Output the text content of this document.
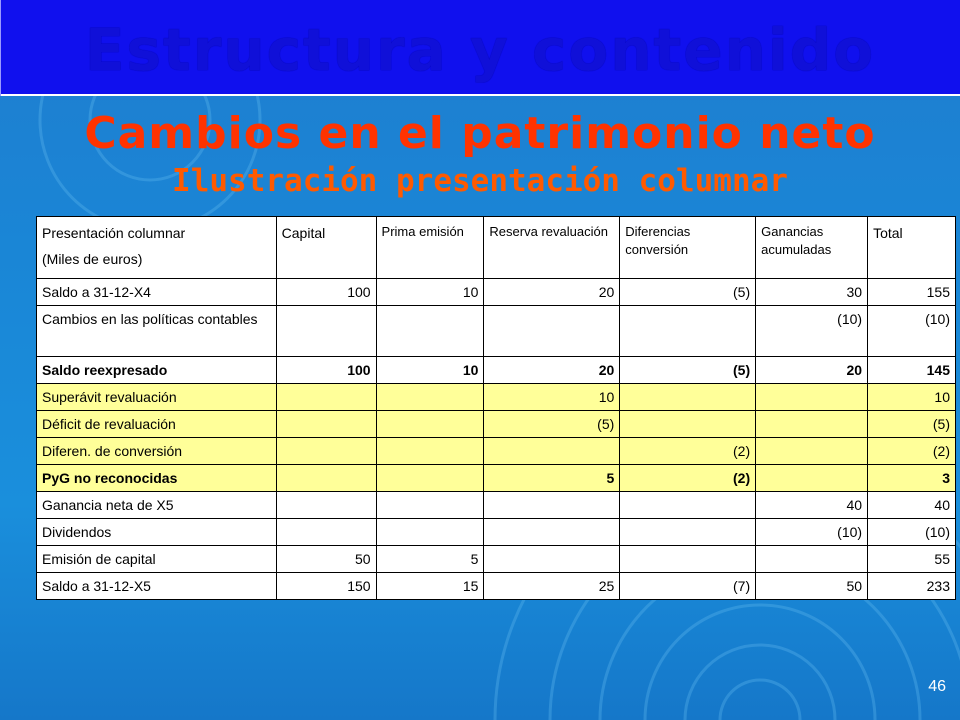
Estructura y contenido
Cambios en el patrimonio neto
Ilustración presentación columnar
Presentación columnar
(Miles de euros)	Capital	Prima emisión	Reserva revaluación	Diferencias conversión	Ganancias acumuladas	Total
Saldo a 31-12-X4	100	10	20	(5)	30	155
Cambios en las políticas contables					(10)	(10)
Saldo reexpresado	100	10	20	(5)	20	145
Superávit revaluación			10			10
Déficit de revaluación			(5)			(5)
Diferen. de conversión				(2)		(2)
PyG no reconocidas			5	(2)		3
Ganancia neta de X5					40	40
Dividendos					(10)	(10)
Emisión de capital	50	5				55
Saldo a 31-12-X5	150	15	25	(7)	50	233
46
